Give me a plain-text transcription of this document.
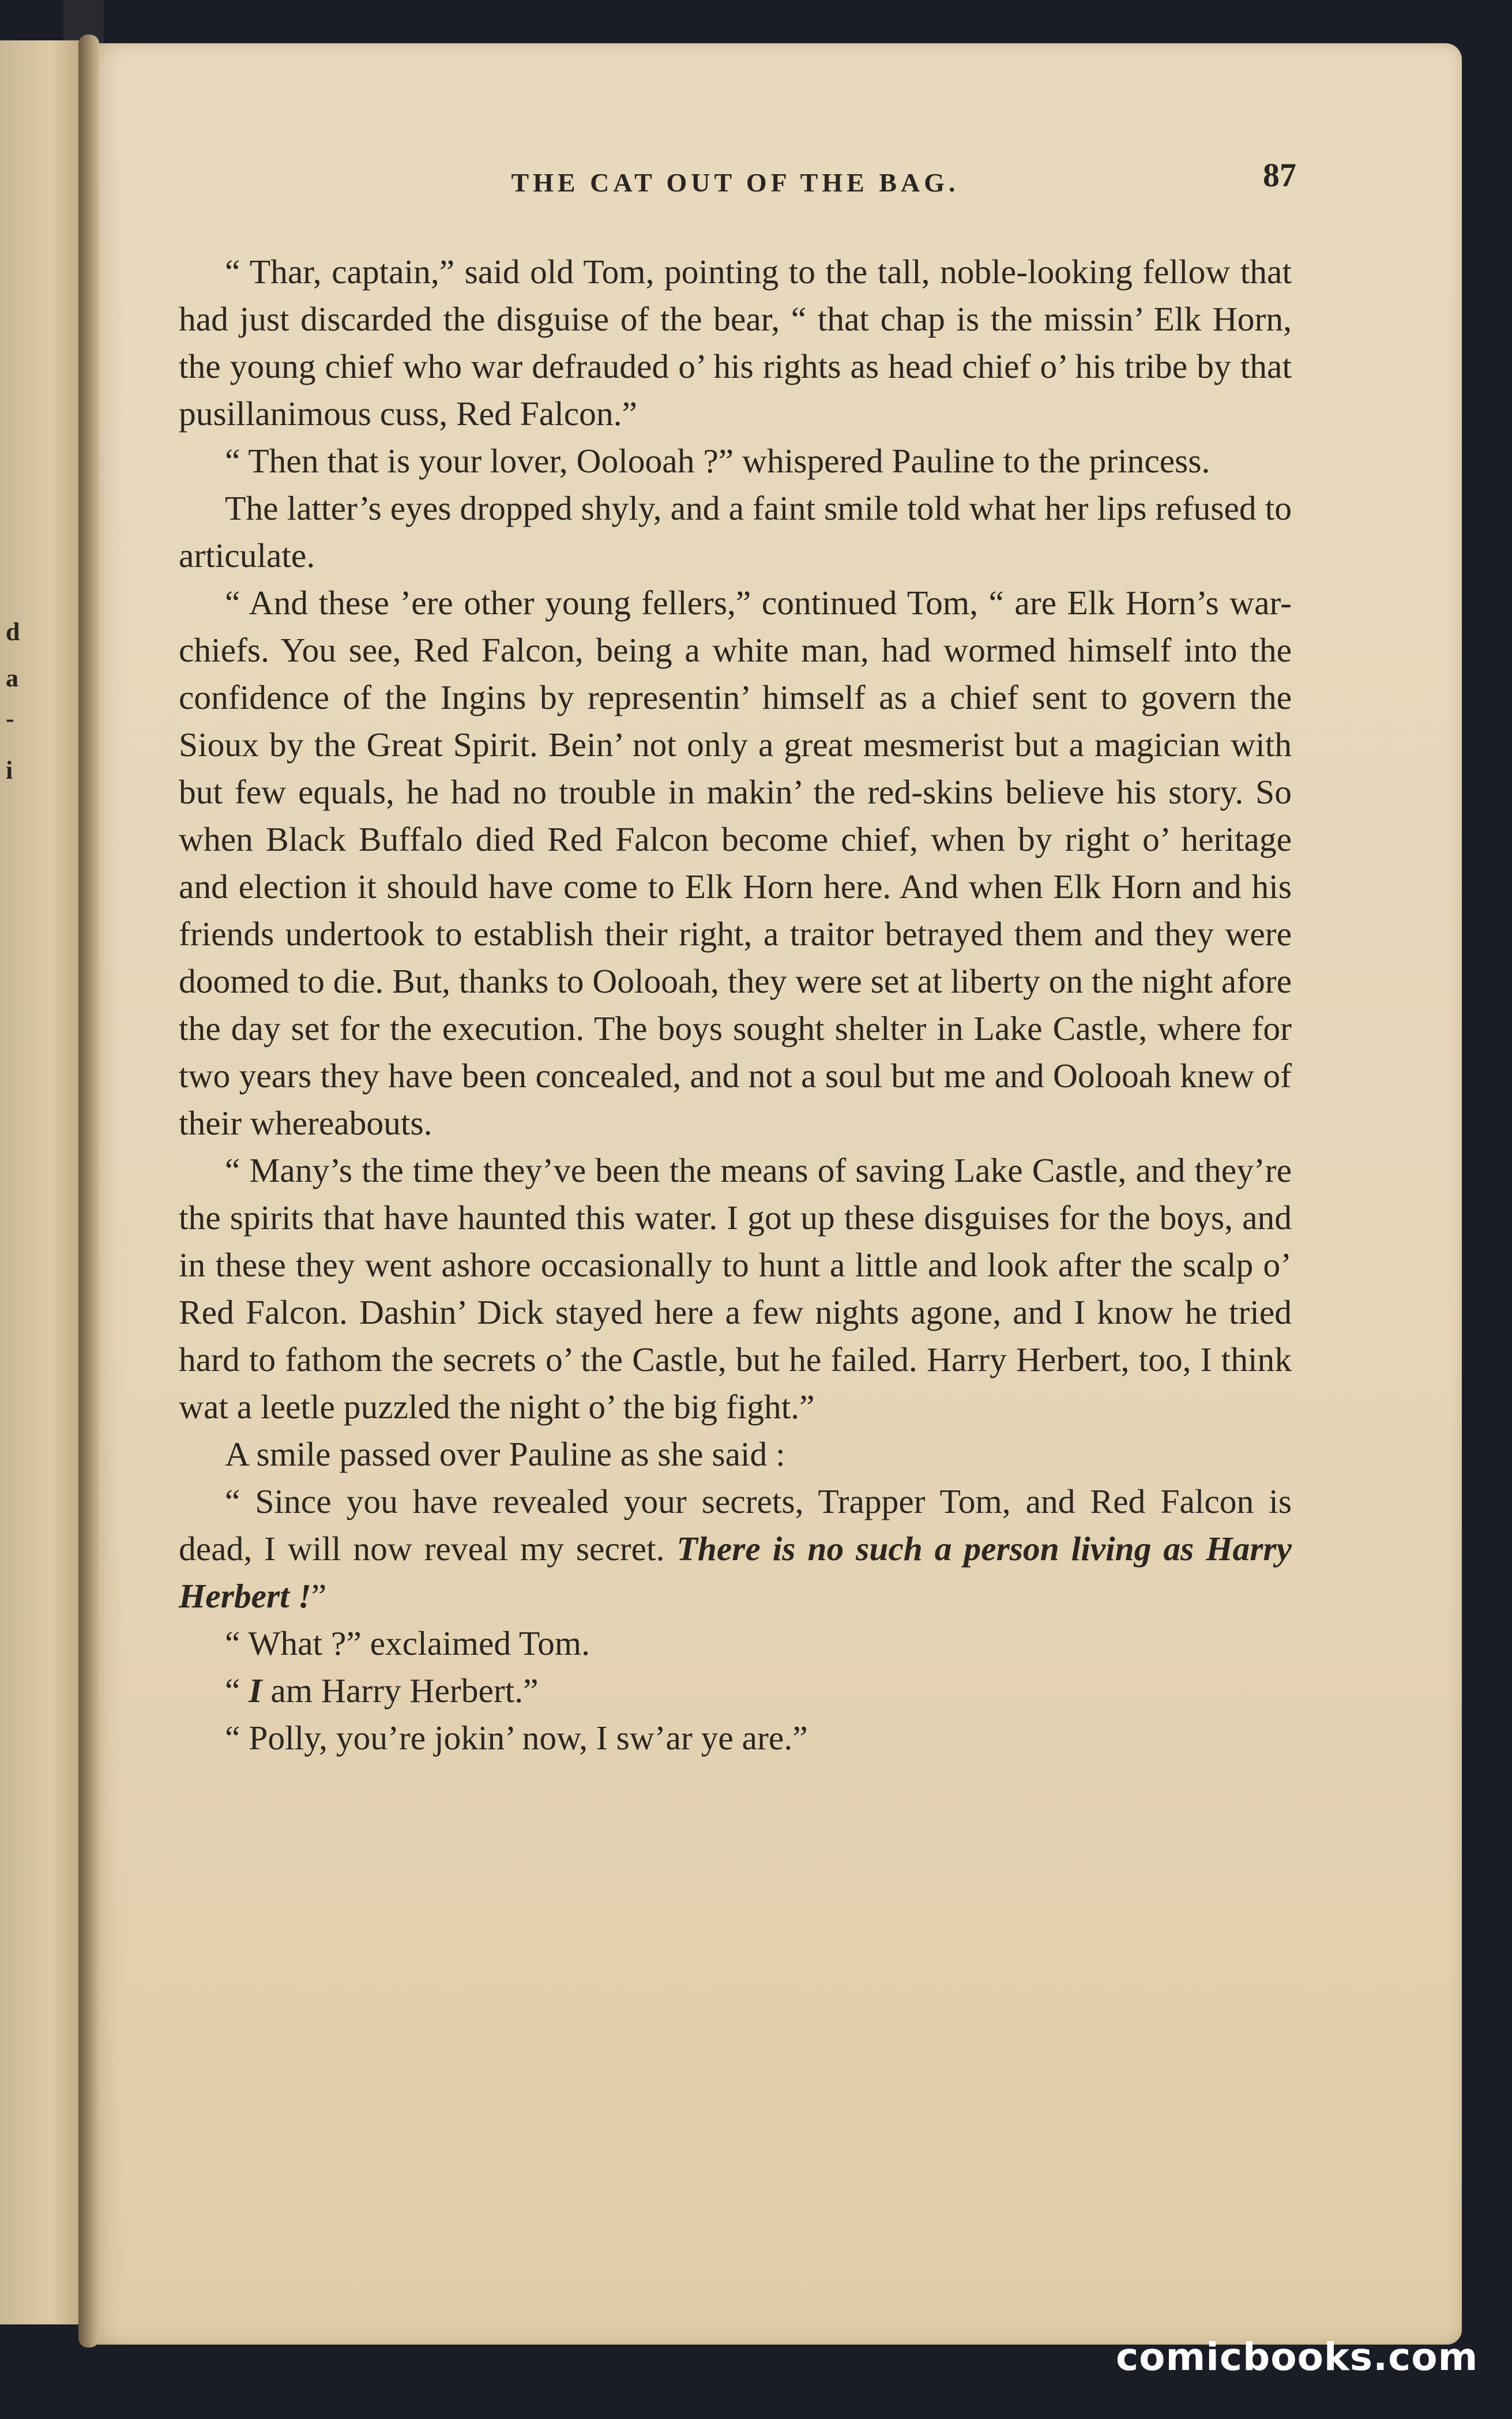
d
a
-
i
THE CAT OUT OF THE BAG.	87

“ Thar, captain,” said old Tom, pointing to the tall, noble-looking fellow that had just discarded the disguise of the bear, “ that chap is the missin’ Elk Horn, the young chief who war defrauded o’ his rights as head chief o’ his tribe by that pusillanimous cuss, Red Falcon.”

“ Then that is your lover, Oolooah ?” whispered Pauline to the princess.

The latter’s eyes dropped shyly, and a faint smile told what her lips refused to articulate.

“ And these ’ere other young fellers,” continued Tom, “ are Elk Horn’s war-chiefs. You see, Red Falcon, being a white man, had wormed himself into the confidence of the Ingins by representin’ himself as a chief sent to govern the Sioux by the Great Spirit. Bein’ not only a great mesmerist but a magician with but few equals, he had no trouble in makin’ the red-skins believe his story. So when Black Buffalo died Red Falcon become chief, when by right o’ heritage and election it should have come to Elk Horn here. And when Elk Horn and his friends undertook to establish their right, a traitor betrayed them and they were doomed to die. But, thanks to Oolooah, they were set at liberty on the night afore the day set for the execution. The boys sought shelter in Lake Castle, where for two years they have been concealed, and not a soul but me and Oolooah knew of their whereabouts.

“ Many’s the time they’ve been the means of saving Lake Castle, and they’re the spirits that have haunted this water. I got up these disguises for the boys, and in these they went ashore occasionally to hunt a little and look after the scalp o’ Red Falcon. Dashin’ Dick stayed here a few nights agone, and I know he tried hard to fathom the secrets o’ the Castle, but he failed. Harry Herbert, too, I think wat a leetle puzzled the night o’ the big fight.”

A smile passed over Pauline as she said :

“ Since you have revealed your secrets, Trapper Tom, and Red Falcon is dead, I will now reveal my secret. There is no such a person living as Harry Herbert !”

“ What ?” exclaimed Tom.

“ I am Harry Herbert.”

“ Polly, you’re jokin’ now, I sw’ar ye are.”

comicbooks.com
